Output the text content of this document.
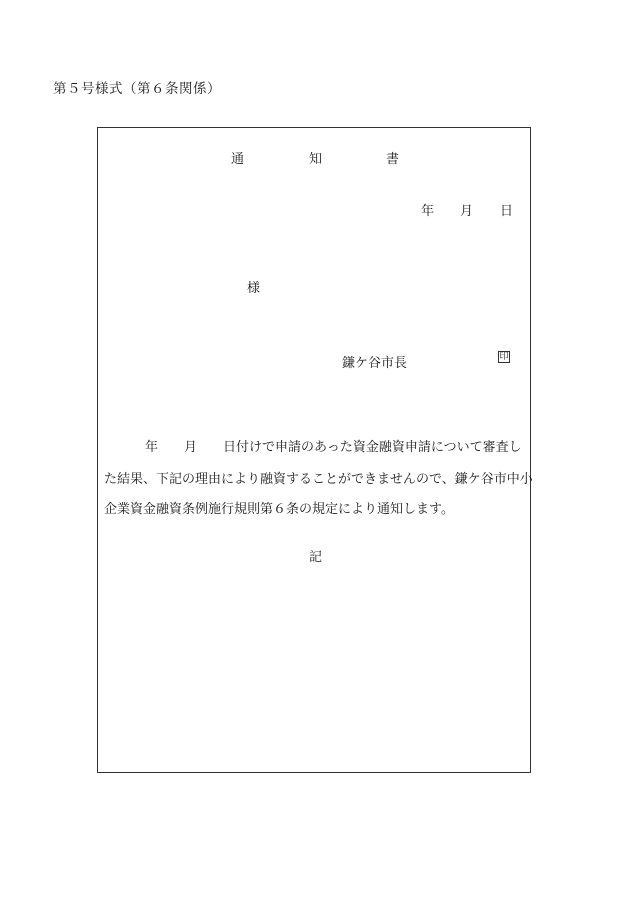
第５号様式（第６条関係）
通	知	書
年 月 日
様
鎌ケ谷市長	印
年 月 日付けで申請のあった資金融資申請について審査し
た結果、下記の理由により融資することができませんので、鎌ケ谷市中小
企業資金融資条例施行規則第６条の規定により通知します。
記
